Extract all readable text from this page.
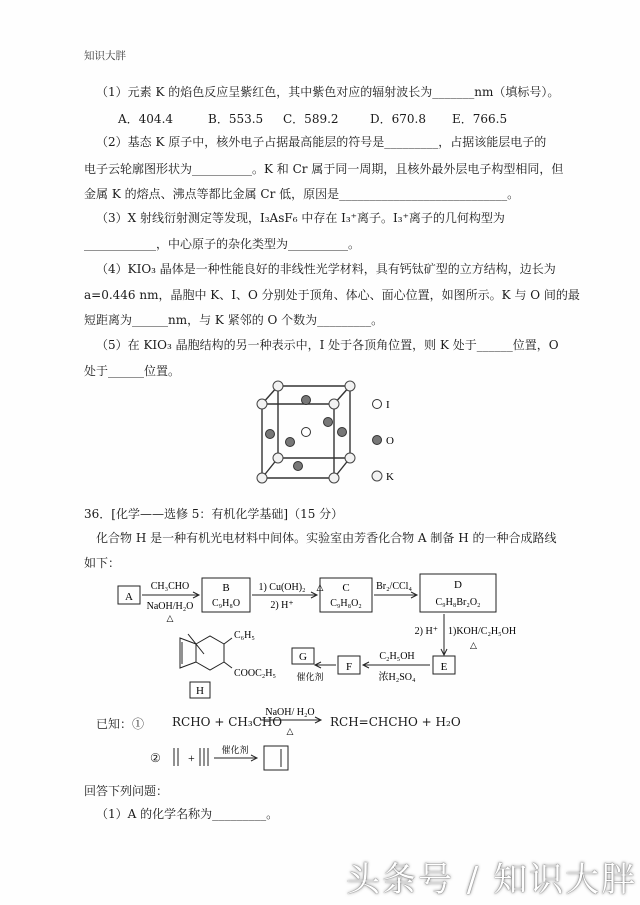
知识大胖
（1）元素 K 的焰色反应呈紫红色，其中紫色对应的辐射波长为_______nm（填标号）。
A．404.4	B．553.5 C．589.2	D．670.8 E．766.5
（2）基态 K 原子中，核外电子占据最高能层的符号是_________，占据该能层电子的
电子云轮廓图形状为__________。K 和 Cr 属于同一周期，且核外最外层电子构型相同，但
金属 K 的熔点、沸点等都比金属 Cr 低，原因是____________________________。
（3）X 射线衍射测定等发现，I₃AsF₆ 中存在 I₃⁺离子。I₃⁺离子的几何构型为
____________，中心原子的杂化类型为__________。
（4）KIO₃ 晶体是一种性能良好的非线性光学材料，具有钙钛矿型的立方结构，边长为
a=0.446 nm，晶胞中 K、I、O 分别处于顶角、体心、面心位置，如图所示。K 与 O 间的最
短距离为______nm，与 K 紧邻的 O 个数为_________。
（5）在 KIO₃ 晶胞结构的另一种表示中，I 处于各顶角位置，则 K 处于______位置，O
处于______位置。
I
O
K
36．[化学——选修 5：有机化学基础]（15 分）
化合物 H 是一种有机光电材料中间体。实验室由芳香化合物 A 制备 H 的一种合成路线
如下：
A
CH₃CHO
NaOH/H₂O
△
B
C₉H₈O
1) Cu(OH)₂ △
2) H⁺
C
C₉H₈O₂
Br₂/CCl₄	D
C₉H₈Br₂O₂
2) H⁺ 1)KOH/C₂H₅OH
△
E
C₂H₅OH
浓H₂SO₄
F
G
催化剂
C₆H₅
COOC₂H₅
H
已知：① RCHO + CH₃CHO
NaOH/ H₂O
△
RCH=CHCHO + H₂O
② +
催化剂
回答下列问题：
（1）A 的化学名称为_________。
头条号 / 知识大胖
